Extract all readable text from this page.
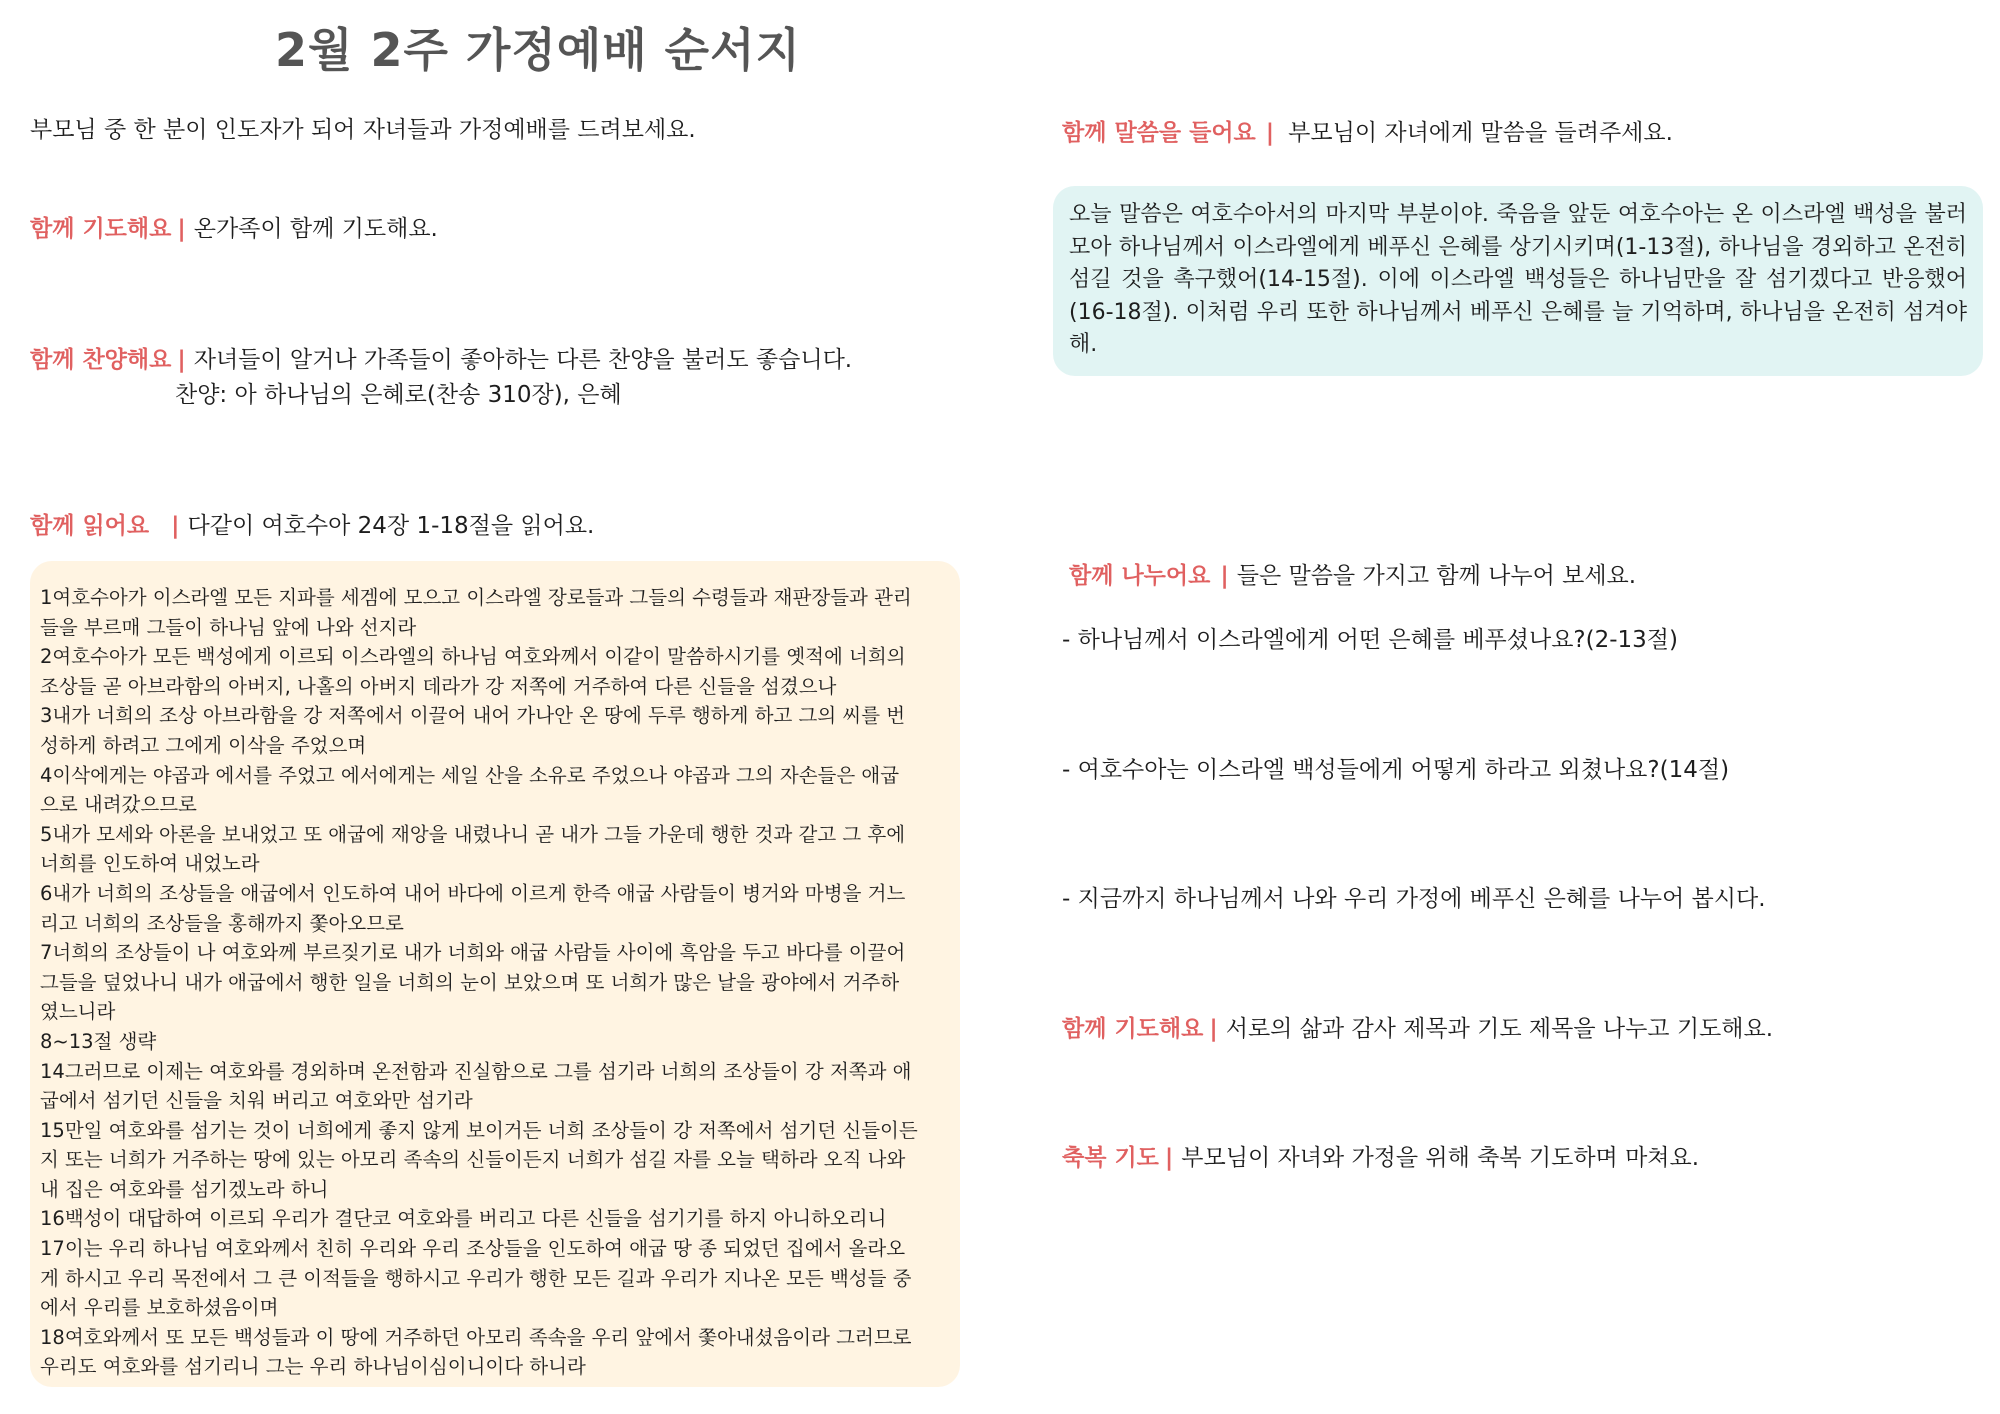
2월 2주 가정예배 순서지
부모님 중 한 분이 인도자가 되어 자녀들과 가정예배를 드려보세요.
함께 기도해요 | 온가족이 함께 기도해요.
함께 찬양해요 | 자녀들이 알거나 가족들이 좋아하는 다른 찬양을 불러도 좋습니다.
찬양: 아 하나님의 은혜로(찬송 310장), 은혜
함께 읽어요 | 다같이 여호수아 24장 1-18절을 읽어요.

1여호수아가 이스라엘 모든 지파를 세겜에 모으고 이스라엘 장로들과 그들의 수령들과 재판장들과 관리

들을 부르매 그들이 하나님 앞에 나와 선지라

2여호수아가 모든 백성에게 이르되 이스라엘의 하나님 여호와께서 이같이 말씀하시기를 옛적에 너희의

조상들 곧 아브라함의 아버지, 나홀의 아버지 데라가 강 저쪽에 거주하여 다른 신들을 섬겼으나

3내가 너희의 조상 아브라함을 강 저쪽에서 이끌어 내어 가나안 온 땅에 두루 행하게 하고 그의 씨를 번

성하게 하려고 그에게 이삭을 주었으며

4이삭에게는 야곱과 에서를 주었고 에서에게는 세일 산을 소유로 주었으나 야곱과 그의 자손들은 애굽

으로 내려갔으므로

5내가 모세와 아론을 보내었고 또 애굽에 재앙을 내렸나니 곧 내가 그들 가운데 행한 것과 같고 그 후에

너희를 인도하여 내었노라

6내가 너희의 조상들을 애굽에서 인도하여 내어 바다에 이르게 한즉 애굽 사람들이 병거와 마병을 거느

리고 너희의 조상들을 홍해까지 쫓아오므로

7너희의 조상들이 나 여호와께 부르짖기로 내가 너희와 애굽 사람들 사이에 흑암을 두고 바다를 이끌어

그들을 덮었나니 내가 애굽에서 행한 일을 너희의 눈이 보았으며 또 너희가 많은 날을 광야에서 거주하

였느니라

8~13절 생략

14그러므로 이제는 여호와를 경외하며 온전함과 진실함으로 그를 섬기라 너희의 조상들이 강 저쪽과 애

굽에서 섬기던 신들을 치워 버리고 여호와만 섬기라

15만일 여호와를 섬기는 것이 너희에게 좋지 않게 보이거든 너희 조상들이 강 저쪽에서 섬기던 신들이든

지 또는 너희가 거주하는 땅에 있는 아모리 족속의 신들이든지 너희가 섬길 자를 오늘 택하라 오직 나와

내 집은 여호와를 섬기겠노라 하니

16백성이 대답하여 이르되 우리가 결단코 여호와를 버리고 다른 신들을 섬기기를 하지 아니하오리니

17이는 우리 하나님 여호와께서 친히 우리와 우리 조상들을 인도하여 애굽 땅 종 되었던 집에서 올라오

게 하시고 우리 목전에서 그 큰 이적들을 행하시고 우리가 행한 모든 길과 우리가 지나온 모든 백성들 중

에서 우리를 보호하셨음이며

18여호와께서 또 모든 백성들과 이 땅에 거주하던 아모리 족속을 우리 앞에서 쫓아내셨음이라 그러므로

우리도 여호와를 섬기리니 그는 우리 하나님이심이니이다 하니라

함께 말씀을 들어요 | 부모님이 자녀에게 말씀을 들려주세요.
오늘 말씀은 여호수아서의 마지막 부분이야. 죽음을 앞둔 여호수아는 온 이스라엘 백성을 불러 모아 하나님께서 이스라엘에게 베푸신 은혜를 상기시키며(1-13절), 하나님을 경외하고 온전히 섬길 것을 촉구했어(14-15절). 이에 이스라엘 백성들은 하나님만을 잘 섬기겠다고 반응했어(16-18절). 이처럼 우리 또한 하나님께서 베푸신 은혜를 늘 기억하며, 하나님을 온전히 섬겨야 해.
함께 나누어요 | 들은 말씀을 가지고 함께 나누어 보세요.
- 하나님께서 이스라엘에게 어떤 은혜를 베푸셨나요?(2-13절)
- 여호수아는 이스라엘 백성들에게 어떻게 하라고 외쳤나요?(14절)
- 지금까지 하나님께서 나와 우리 가정에 베푸신 은혜를 나누어 봅시다.
함께 기도해요 | 서로의 삶과 감사 제목과 기도 제목을 나누고 기도해요.
축복 기도 | 부모님이 자녀와 가정을 위해 축복 기도하며 마쳐요.
